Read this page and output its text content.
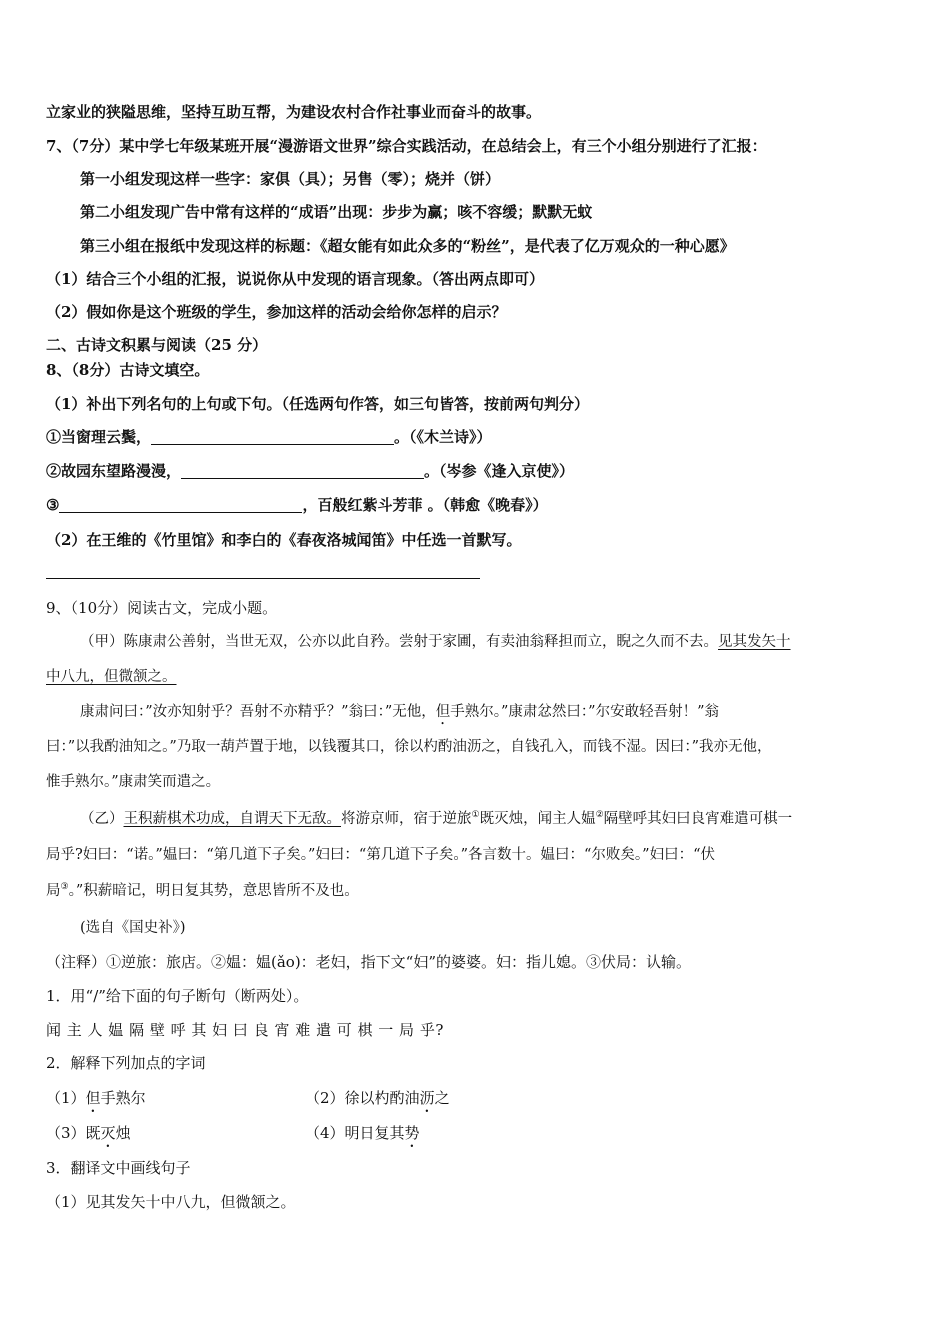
立家业的狭隘思维，坚持互助互帮，为建设农村合作社事业而奋斗的故事。
7、（7分）某中学七年级某班开展“漫游语文世界”综合实践活动，在总结会上，有三个小组分别进行了汇报：
第一小组发现这样一些字：家俱（具）；另售（零）；烧并（饼）
第二小组发现广告中常有这样的“成语”出现：步步为赢；咳不容缓；默默无蚊
第三小组在报纸中发现这样的标题：《超女能有如此众多的“粉丝”，是代表了亿万观众的一种心愿》
（1）结合三个小组的汇报，说说你从中发现的语言现象。（答出两点即可）
（2）假如你是这个班级的学生，参加这样的活动会给你怎样的启示？
二、古诗文积累与阅读（25 分）
8、（8分）古诗文填空。
（1）补出下列名句的上句或下句。（任选两句作答，如三句皆答，按前两句判分）
①当窗理云鬓，	。（《木兰诗》）
②故园东望路漫漫，	。（岑参《逢入京使》）
③	，百般红紫斗芳菲 。（韩愈《晚春》）
（2）在王维的《竹里馆》和李白的《春夜洛城闻笛》中任选一首默写。
9、（10分）阅读古文，完成小题。
（甲）陈康肃公善射，当世无双，公亦以此自矜。尝射于家圃，有卖油翁释担而立，睨之久而不去。见其发矢十
中八九，但微颔之。
康肃问曰：”汝亦知射乎？吾射不亦精乎？”翁曰：”无他，但手熟尔。”康肃忿然曰：”尔安敢轻吾射！”翁
曰：”以我酌油知之。”乃取一葫芦置于地，以钱覆其口，徐以杓酌油沥之，自钱孔入，而钱不湿。因曰：”我亦无他，
惟手熟尔。”康肃笑而遣之。
（乙）王积薪棋术功成，自谓天下无敌。将游京师，宿于逆旅①既灭烛，闻主人媪②隔壁呼其妇曰良宵难遣可棋一
局乎?妇曰：“诺。”媪曰：“第几道下子矣。”妇曰：“第几道下子矣。”各言数十。媪曰：“尔败矣。”妇曰：“伏
局③。”积薪暗记，明日复其势，意思皆所不及也。
(选自《国史补》)
（注释）①逆旅：旅店。②媪：媪(ǎo)：老妇，指下文“妇”的婆婆。妇：指儿媳。③伏局：认输。
1．用“/”给下面的句子断句（断两处）。
闻 主 人 媪 隔 壁 呼 其 妇 曰 良 宵 难 遣 可 棋 一 局 乎?
2．解释下列加点的字词
（1）但手熟尔	（2）徐以杓酌油沥之
（3）既灭烛	（4）明日复其势
3．翻译文中画线句子
（1）见其发矢十中八九，但微颔之。
